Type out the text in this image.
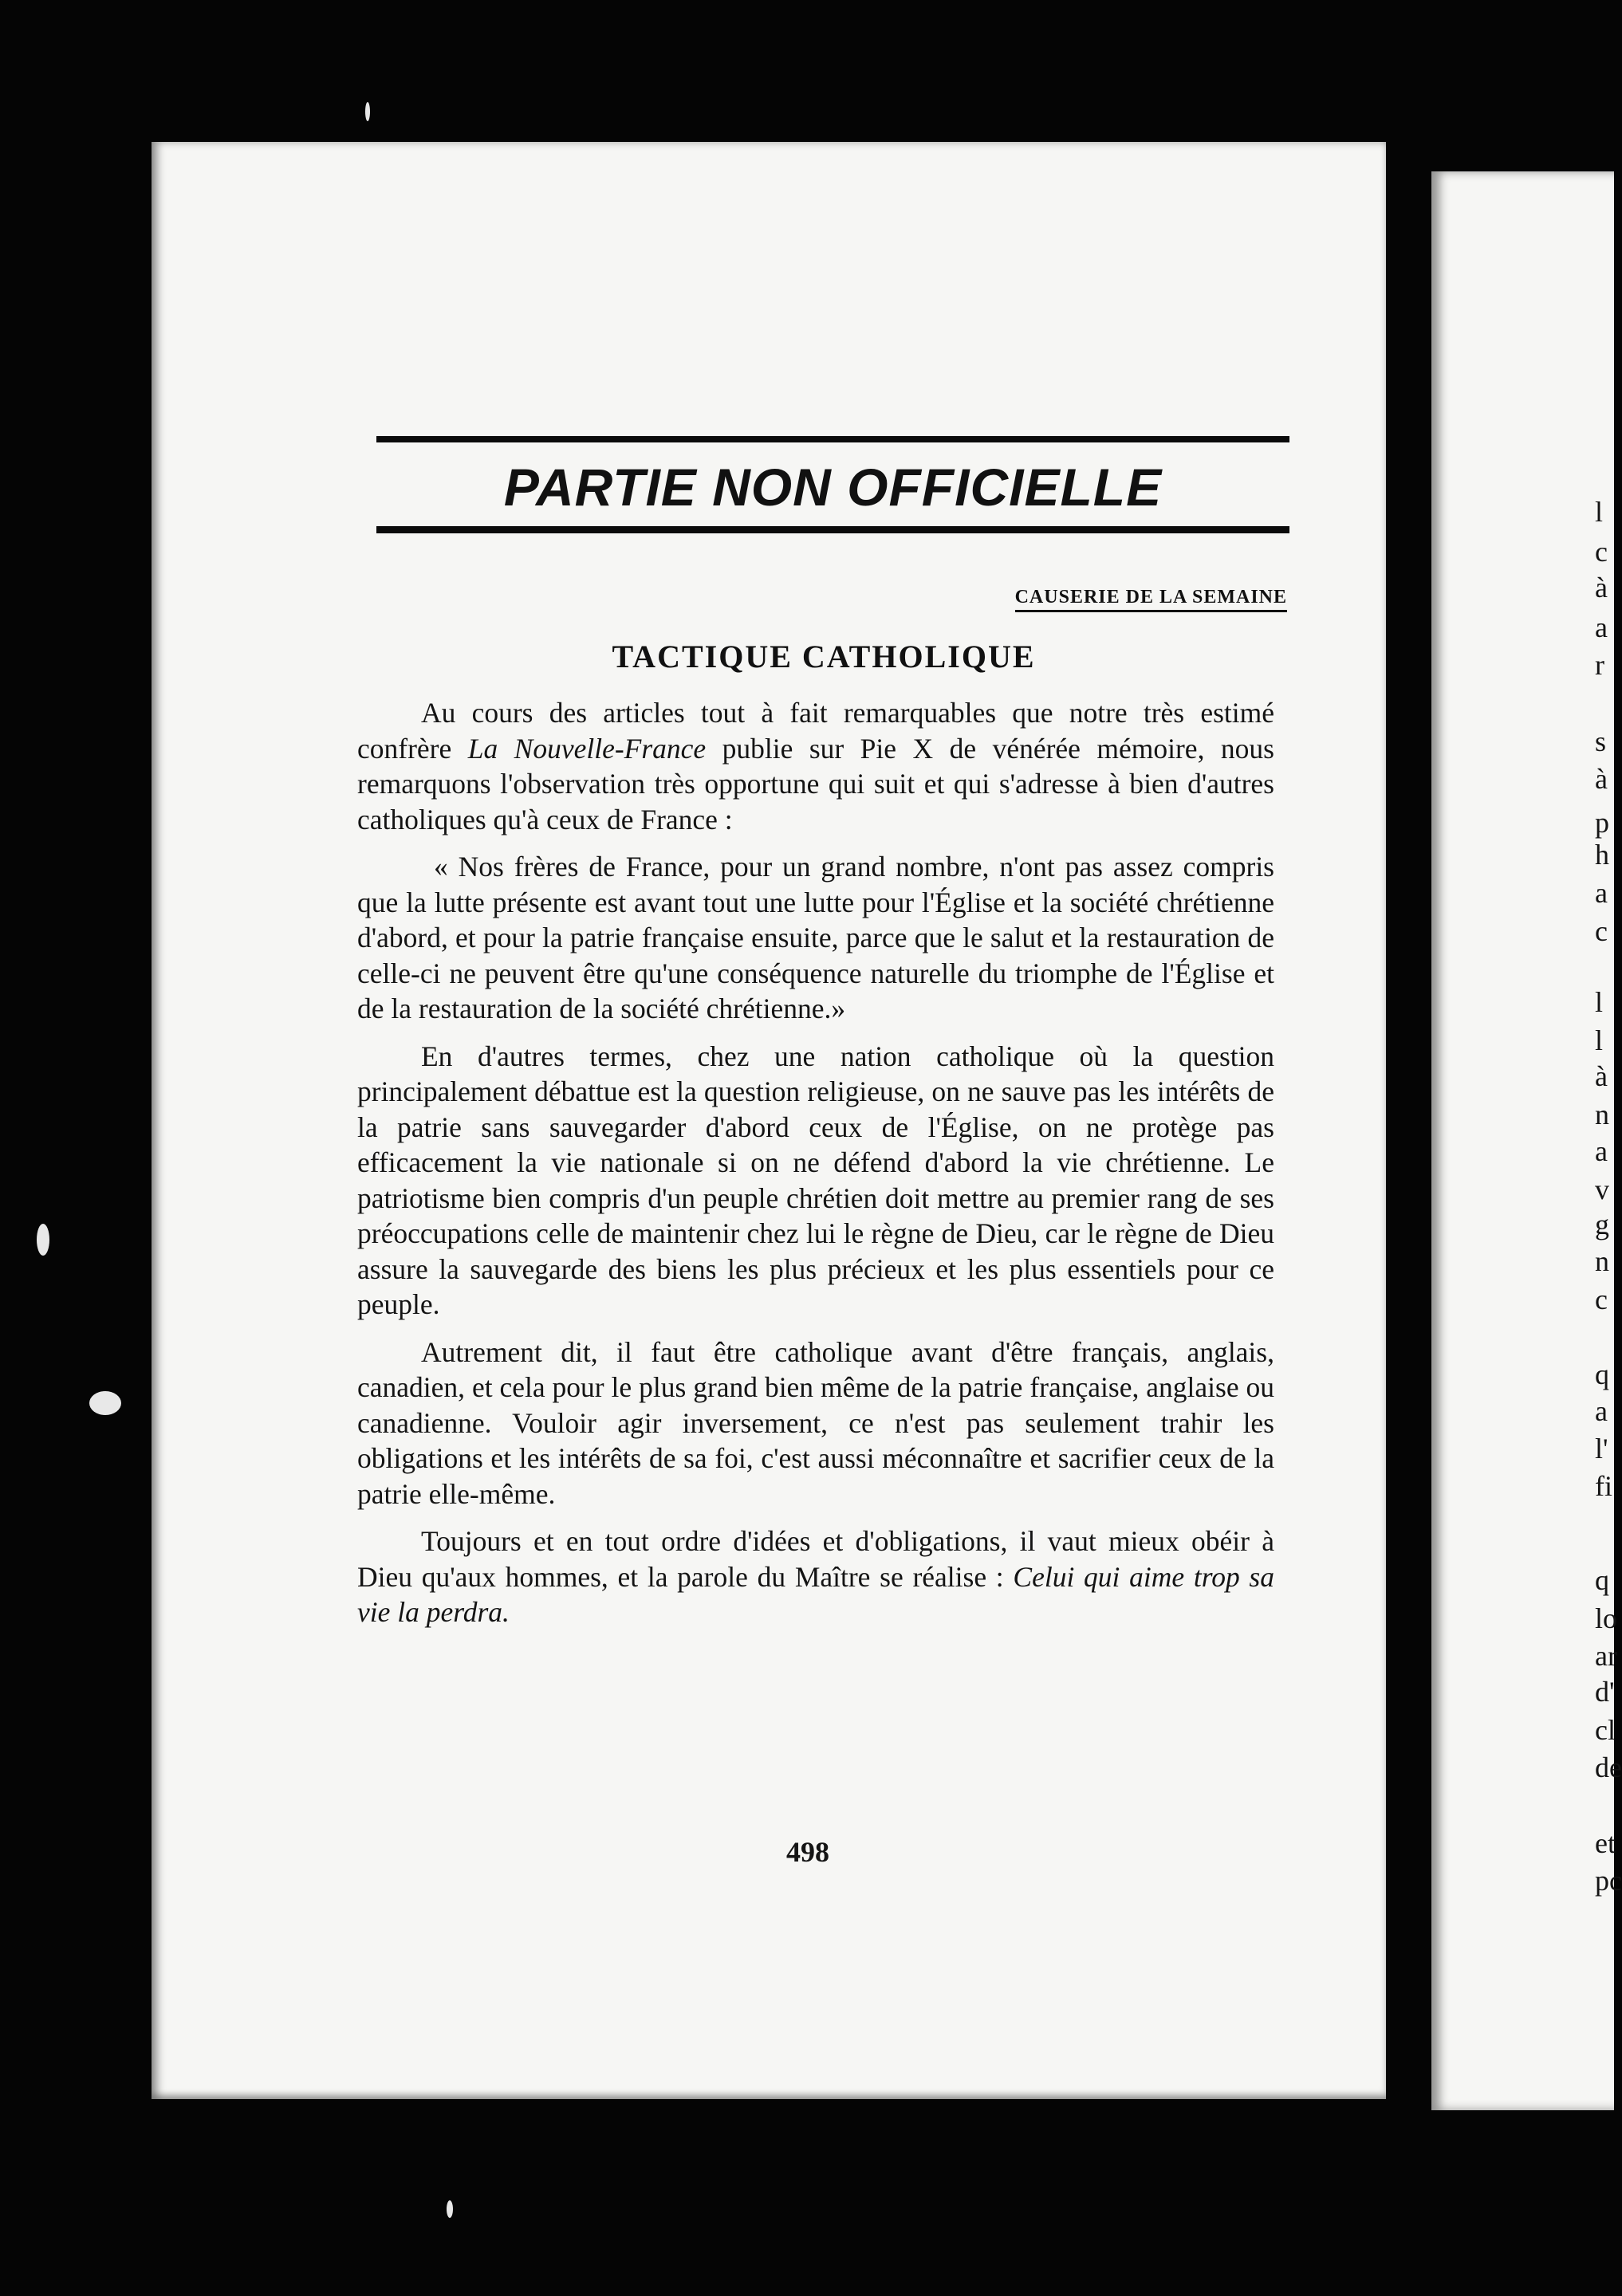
PARTIE NON OFFICIELLE
CAUSERIE DE LA SEMAINE
TACTIQUE CATHOLIQUE

Au cours des articles tout à fait remarquables que notre très estimé confrère La Nouvelle-France publie sur Pie X de vénérée mémoire, nous remarquons l'observation très opportune qui suit et qui s'adresse à bien d'autres catholiques qu'à ceux de France :

« Nos frères de France, pour un grand nombre, n'ont pas assez compris que la lutte présente est avant tout une lutte pour l'Église et la société chrétienne d'abord, et pour la patrie française ensuite, parce que le salut et la restauration de celle-ci ne peuvent être qu'une conséquence naturelle du triomphe de l'Église et de la restauration de la société chrétienne.»

En d'autres termes, chez une nation catholique où la question principalement débattue est la question religieuse, on ne sauve pas les intérêts de la patrie sans sauvegarder d'abord ceux de l'Église, on ne protège pas efficacement la vie nationale si on ne défend d'abord la vie chrétienne. Le patriotisme bien compris d'un peuple chrétien doit mettre au premier rang de ses préoccupations celle de maintenir chez lui le règne de Dieu, car le règne de Dieu assure la sauvegarde des biens les plus précieux et les plus essentiels pour ce peuple.

Autrement dit, il faut être catholique avant d'être français, anglais, canadien, et cela pour le plus grand bien même de la patrie française, anglaise ou canadienne. Vouloir agir inversement, ce n'est pas seulement trahir les obligations et les intérêts de sa foi, c'est aussi méconnaître et sacrifier ceux de la patrie elle-même.

Toujours et en tout ordre d'idées et d'obligations, il vaut mieux obéir à Dieu qu'aux hommes, et la parole du Maître se réalise : Celui qui aime trop sa vie la perdra.

498
l
c
à
a
r
s
à
p
h
a
c
l
l
à
n
a
v
g
n
c
q
a
l'
fi
q
lo
ar
d'
cl
de
et
pc
